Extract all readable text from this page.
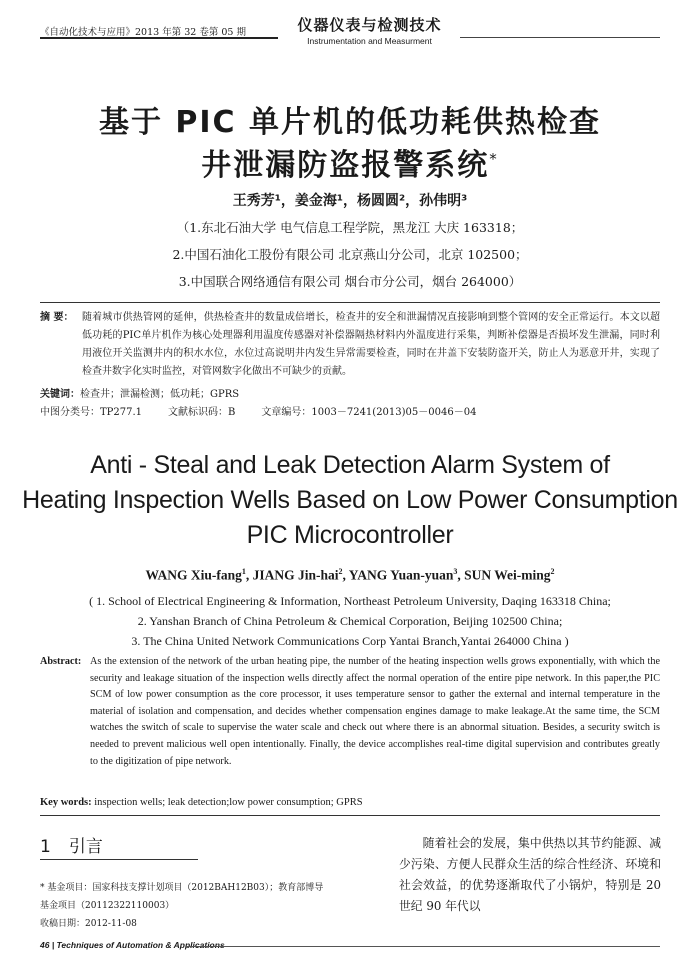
《自动化技术与应用》2013 年第 32 卷第 05 期	仪器仪表与检测技术
Instrumentation and Measurment
基于 PIC 单片机的低功耗供热检查
井泄漏防盗报警系统*
王秀芳¹，姜金海¹，杨圆圆²，孙伟明³
（1.东北石油大学 电气信息工程学院，黑龙江 大庆 163318；
2.中国石油化工股份有限公司 北京燕山分公司，北京 102500；
3.中国联合网络通信有限公司 烟台市分公司，烟台 264000）
摘 要： 随着城市供热管网的延伸，供热检查井的数量成倍增长，检查井的安全和泄漏情况直接影响到整个管网的安全正常运行。本文以超低功耗的PIC单片机作为核心处理器利用温度传感器对补偿器隔热材料内外温度进行采集，判断补偿器是否损坏发生泄漏，同时利用液位开关监测井内的积水水位，水位过高说明井内发生异常需要检查，同时在井盖下安装防盗开关，防止人为恶意开井，实现了检查井数字化实时监控，对管网数字化做出不可缺少的贡献。
关键词：检查井；泄漏检测；低功耗；GPRS
中图分类号：TP277.1	文献标识码：B	文章编号：1003－7241(2013)05－0046－04
Anti - Steal and Leak Detection Alarm System of
Heating Inspection Wells Based on Low Power Consumption
PIC Microcontroller
WANG Xiu-fang$^1$, JIANG Jin-hai$^2$, YANG Yuan-yuan$^3$, SUN Wei-ming$^2$
( 1. School of Electrical Engineering & Information, Northeast Petroleum University, Daqing 163318 China;
2. Yanshan Branch of China Petroleum & Chemical Corporation, Beijing 102500 China;
3. The China United Network Communications Corp Yantai Branch,Yantai 264000 China )
Abstract: As the extension of the network of the urban heating pipe, the number of the heating inspection wells grows exponentially, with which the security and leakage situation of the inspection wells directly affect the normal operation of the entire pipe network. In this paper,the PIC SCM of low power consumption as the core processor, it uses temperature sensor to gather the external and internal temperature in the material of isolation and compensation, and decides whether compensation engines damage to make leakage.At the same time, the SCM watches the switch of scale to supervise the water scale and check out where there is an abnormal situation. Besides, a security switch is needed to prevent malicious well open intentionally. Finally, the device accomplishes real-time digital supervision and contributes greatly to the digitization of pipe network.
Key words: inspection wells; leak detection;low power consumption; GPRS
1 引言
* 基金项目：国家科技支撑计划项目（2012BAH12B03）；教育部博导
基金项目（20112322110003）
收稿日期：2012-11-08

随着社会的发展，集中供热以其节约能源、减少污染、方便人民群众生活的综合性经济、环境和社会效益，的优势逐渐取代了小锅炉，特别是 20 世纪 90 年代以

46 | Techniques of Automation & Applications
